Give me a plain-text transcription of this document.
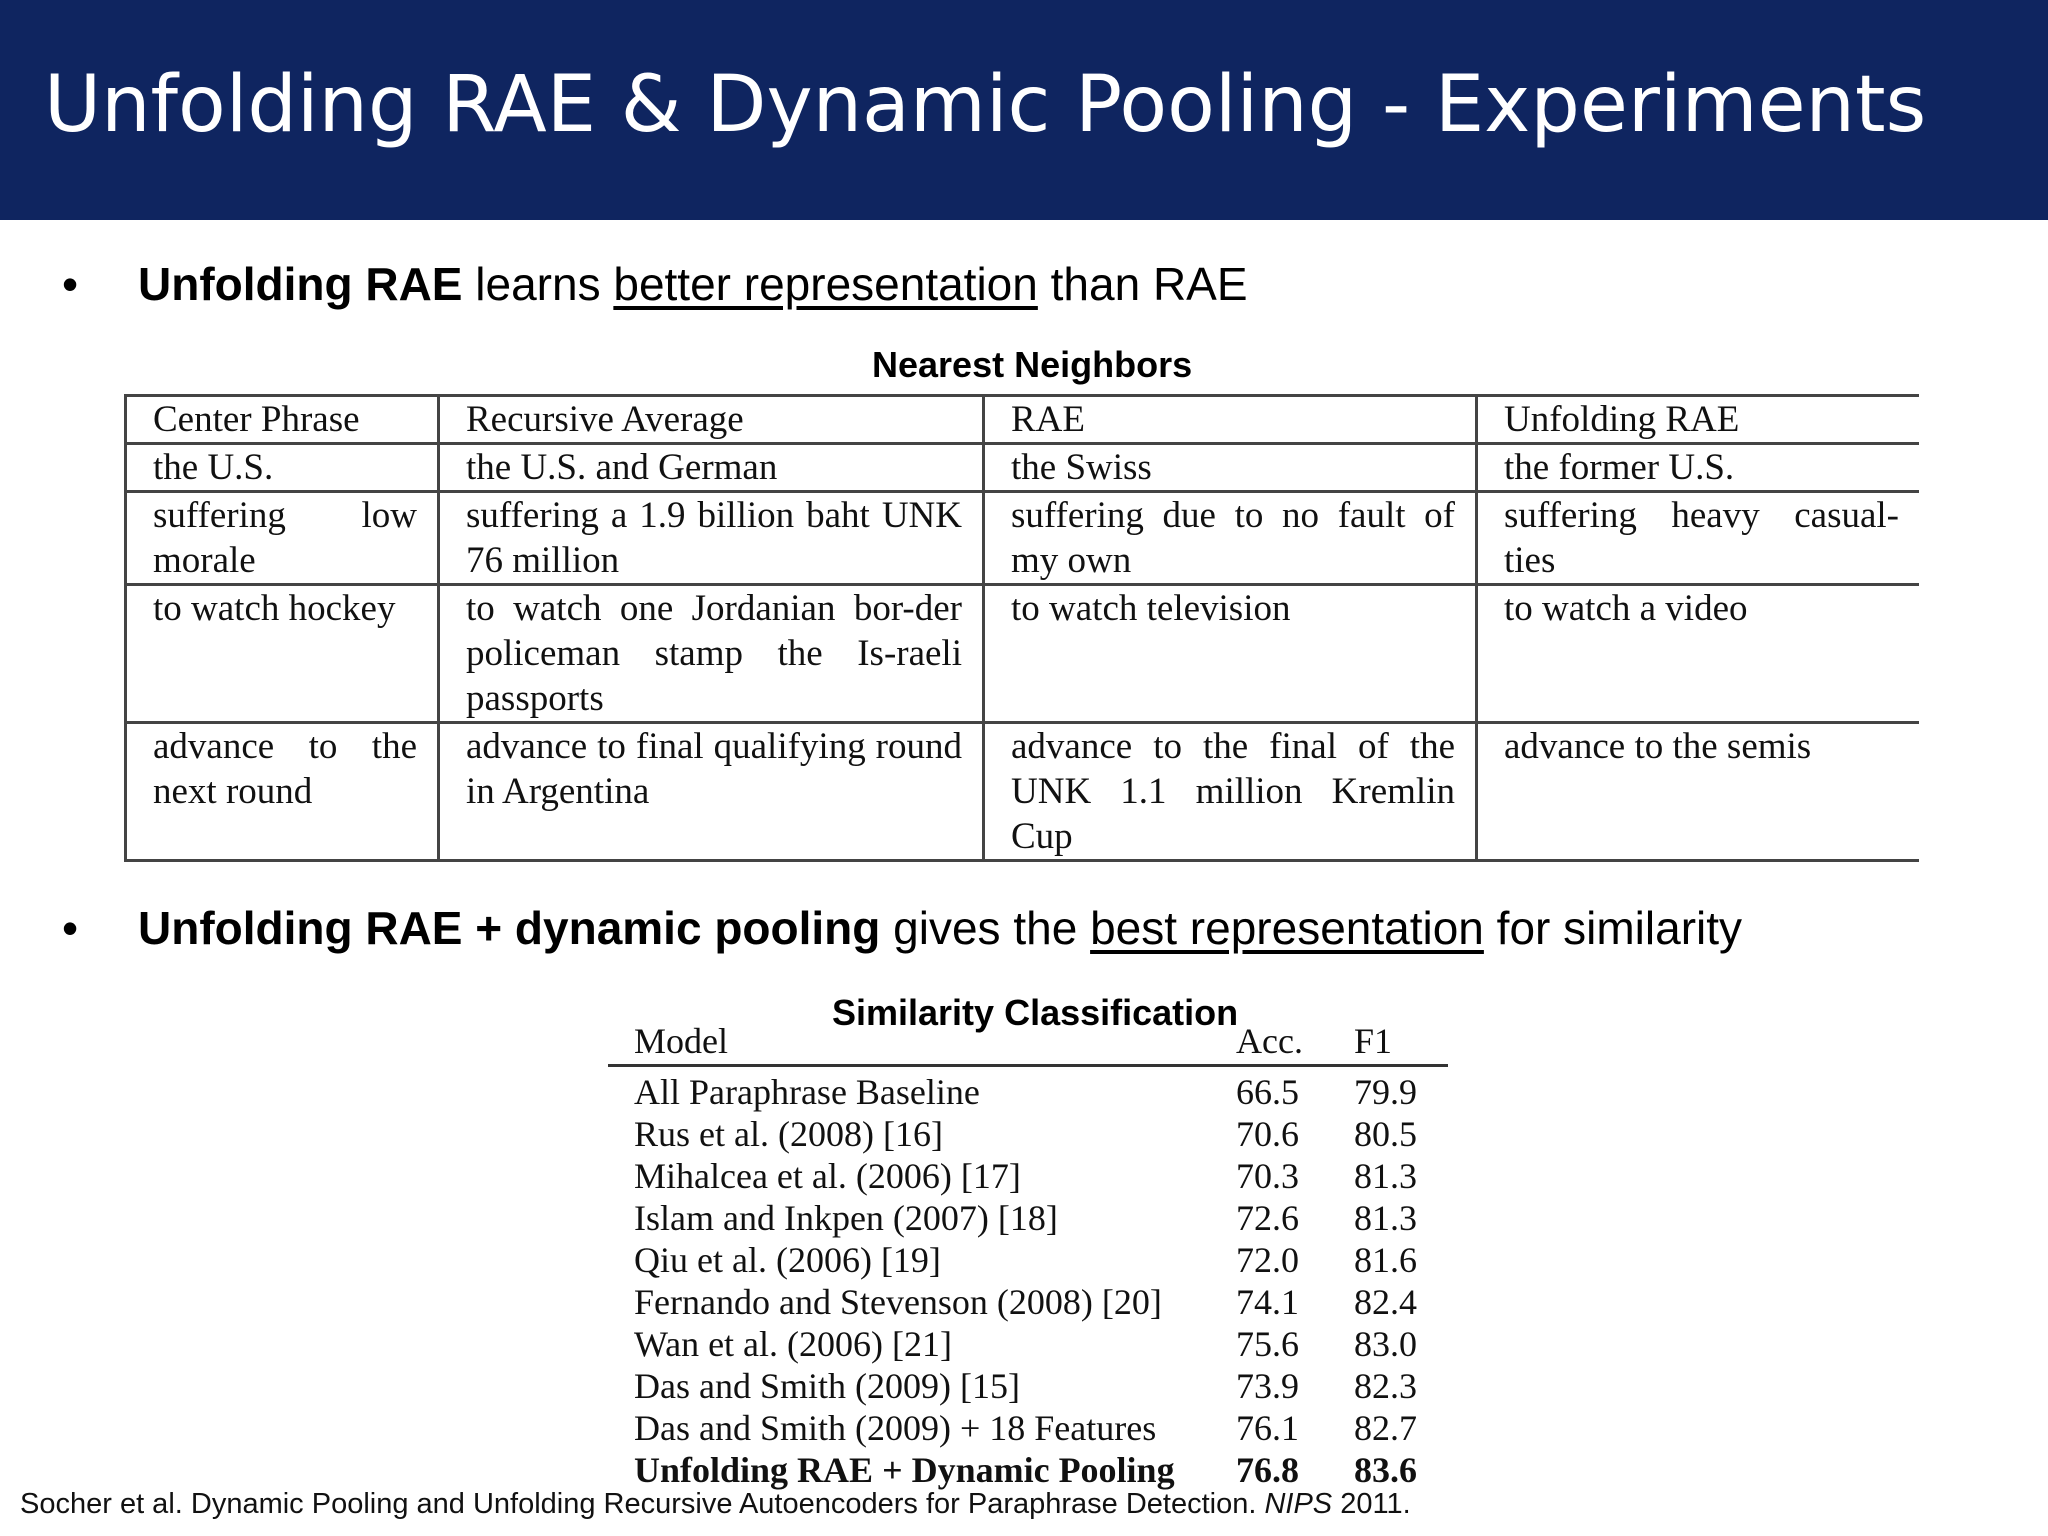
Unfolding RAE & Dynamic Pooling - Experiments
• Unfolding RAE learns better representation than RAE
Nearest Neighbors
Center Phrase	Recursive Average	RAE	Unfolding RAE
the U.S.	the U.S. and German	the Swiss	the former U.S.
suffering low morale	suffering a 1.9 billion baht UNK 76 million	suffering due to no fault of my own	suffering heavy casual-ties
to watch hockey	to watch one Jordanian bor-der policeman stamp the Is-raeli passports	to watch television	to watch a video
advance to the next round	advance to final qualifying round in Argentina	advance to the final of the UNK 1.1 million Kremlin Cup	advance to the semis

• Unfolding RAE + dynamic pooling gives the best representation for similarity
Model	Acc. F1
All Paraphrase Baseline	66.5 79.9
Rus et al. (2008) [16]	70.6 80.5
Mihalcea et al. (2006) [17]	70.3 81.3
Islam and Inkpen (2007) [18]	72.6 81.3
Qiu et al. (2006) [19]	72.0 81.6
Fernando and Stevenson (2008) [20] 74.1 82.4
Wan et al. (2006) [21]	75.6 83.0
Das and Smith (2009) [15]	73.9 82.3
Das and Smith (2009) + 18 Features 76.1 82.7
Unfolding RAE + Dynamic Pooling 76.8 83.6
Similarity Classification
Socher et al. Dynamic Pooling and Unfolding Recursive Autoencoders for Paraphrase Detection. NIPS 2011.
